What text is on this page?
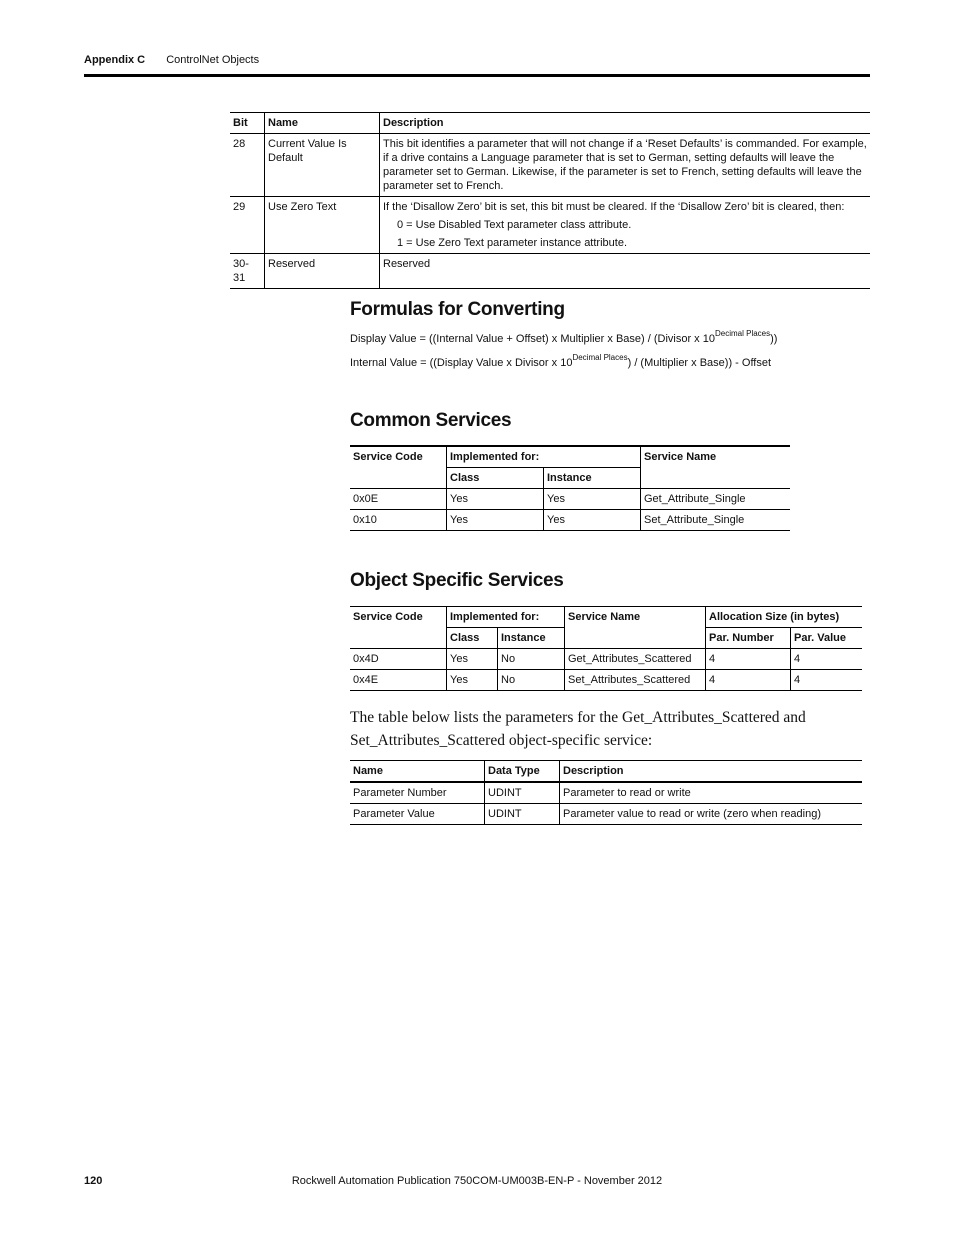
Appendix C ControlNet Objects
Bit	Name	Description
28	Current Value Is Default	This bit identifies a parameter that will not change if a ‘Reset Defaults’ is commanded. For example, if a drive contains a Language parameter that is set to German, setting defaults will leave the parameter set to German. Likewise, if the parameter is set to French, setting defaults will leave the parameter set to French.
29	Use Zero Text	If the ‘Disallow Zero’ bit is set, this bit must be cleared. If the ‘Disallow Zero’ bit is cleared, then:
0 = Use Disabled Text parameter class attribute.
1 = Use Zero Text parameter instance attribute.

30-31	Reserved	Reserved
Formulas for Converting
Display Value = ((Internal Value + Offset) x Multiplier x Base) / (Divisor x $10^{Decimal Places}$))
Internal Value = ((Display Value x Divisor x $10^{Decimal Places}$) / (Multiplier x Base)) - Offset
Common Services
Service Code	Implemented for:		Service Name
	Class	Instance	
0x0E	Yes	Yes	Get_Attribute_Single
0x10	Yes	Yes	Set_Attribute_Single
Object Specific Services
Service Code	Implemented for:		Service Name	Allocation Size (in bytes)	
	Class	Instance		Par. Number	Par. Value
0x4D	Yes	No	Get_Attributes_Scattered	4	4
0x4E	Yes	No	Set_Attributes_Scattered	4	4

The table below lists the parameters for the Get_Attributes_Scattered and Set_Attributes_Scattered object-specific service:

Name	Data Type	Description
Parameter Number	UDINT	Parameter to read or write
Parameter Value	UDINT	Parameter value to read or write (zero when reading)
120	Rockwell Automation Publication 750COM-UM003B-EN-P - November 2012
